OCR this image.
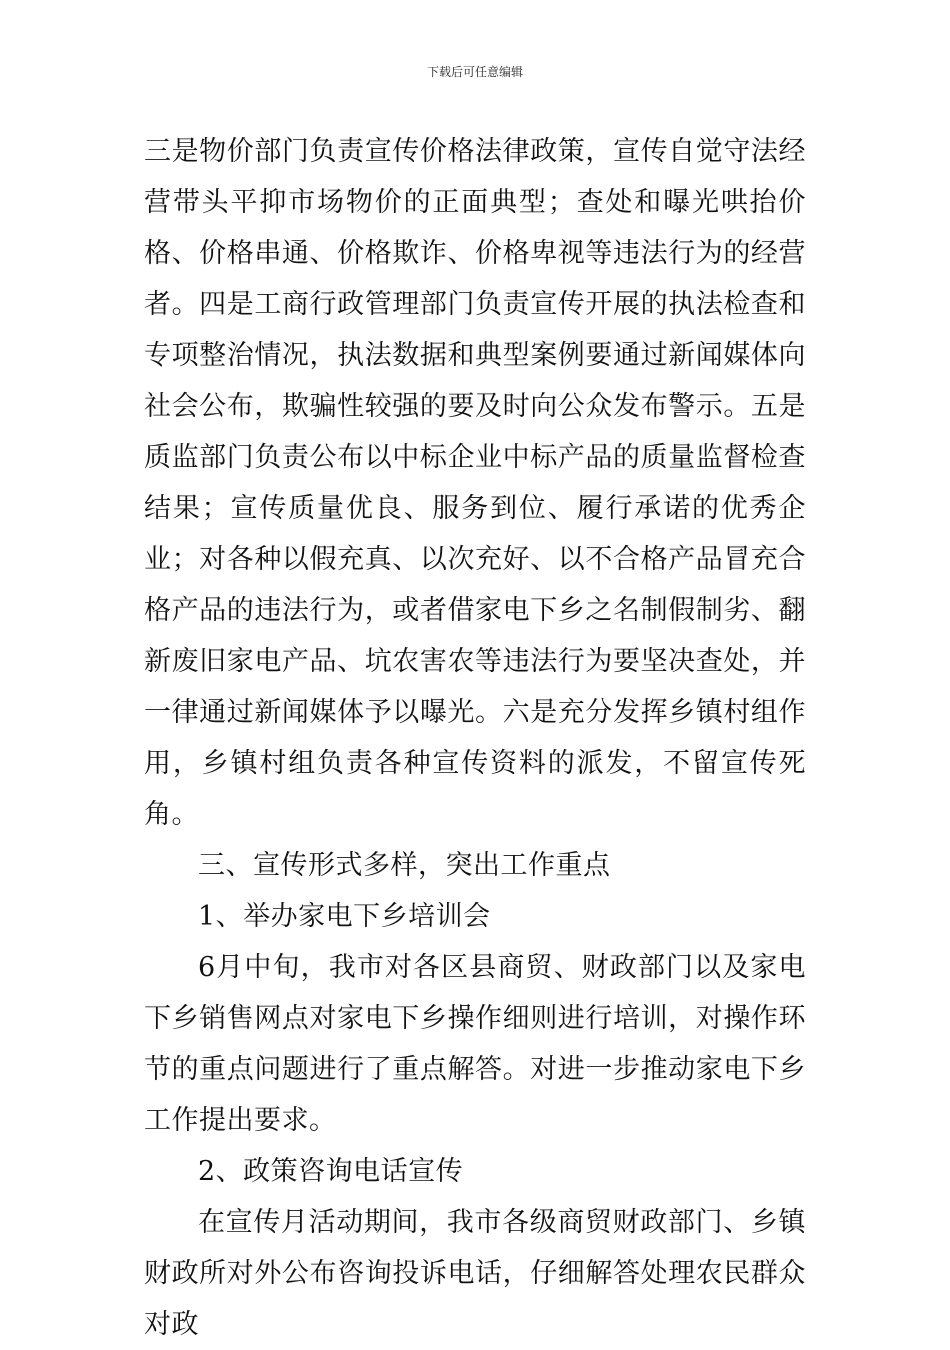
下载后可任意编辑

三是物价部门负责宣传价格法律政策，宣传自觉守法经营带头平抑市场物价的正面典型；查处和曝光哄抬价格、价格串通、价格欺诈、价格卑视等违法行为的经营者。四是工商行政管理部门负责宣传开展的执法检查和专项整治情况，执法数据和典型案例要通过新闻媒体向社会公布，欺骗性较强的要及时向公众发布警示。五是质监部门负责公布以中标企业中标产品的质量监督检查结果；宣传质量优良、服务到位、履行承诺的优秀企业；对各种以假充真、以次充好、以不合格产品冒充合格产品的违法行为，或者借家电下乡之名制假制劣、翻新废旧家电产品、坑农害农等违法行为要坚决查处，并一律通过新闻媒体予以曝光。六是充分发挥乡镇村组作用，乡镇村组负责各种宣传资料的派发，不留宣传死角。

三、宣传形式多样，突出工作重点

1、举办家电下乡培训会

6月中旬，我市对各区县商贸、财政部门以及家电下乡销售网点对家电下乡操作细则进行培训，对操作环节的重点问题进行了重点解答。对进一步推动家电下乡工作提出要求。

2、政策咨询电话宣传

在宣传月活动期间，我市各级商贸财政部门、乡镇财政所对外公布咨询投诉电话，仔细解答处理农民群众对政
